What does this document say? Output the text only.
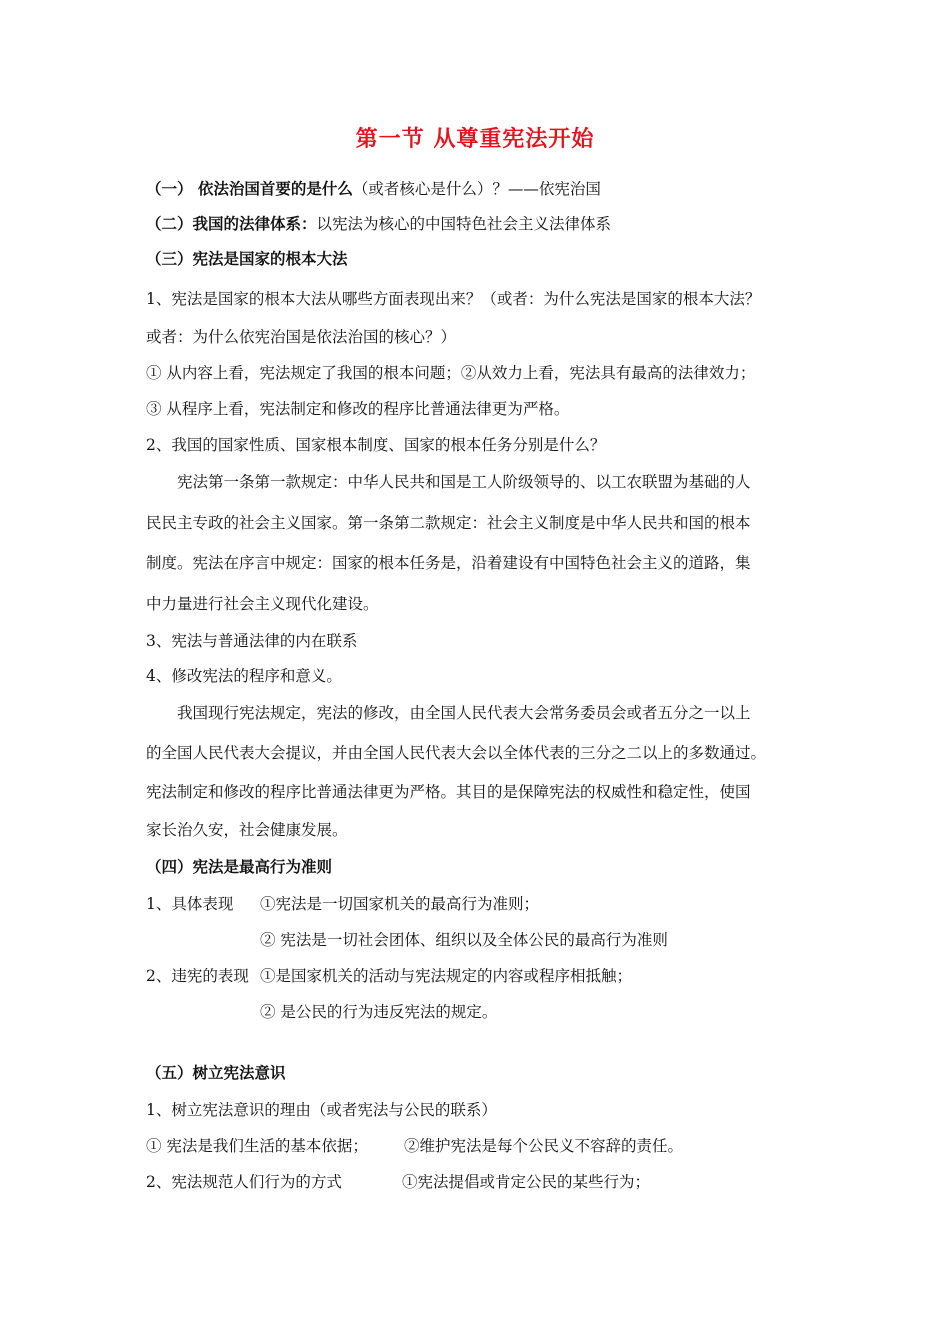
第一节 从尊重宪法开始
（一） 依法治国首要的是什么（或者核心是什么）？——依宪治国
（二）我国的法律体系：以宪法为核心的中国特色社会主义法律体系
（三）宪法是国家的根本大法
1、宪法是国家的根本大法从哪些方面表现出来？（或者：为什么宪法是国家的根本大法？
或者：为什么依宪治国是依法治国的核心？）
① 从内容上看，宪法规定了我国的根本问题；②从效力上看，宪法具有最高的法律效力；
③ 从程序上看，宪法制定和修改的程序比普通法律更为严格。
2、我国的国家性质、国家根本制度、国家的根本任务分别是什么？
宪法第一条第一款规定：中华人民共和国是工人阶级领导的、以工农联盟为基础的人
民民主专政的社会主义国家。第一条第二款规定：社会主义制度是中华人民共和国的根本
制度。宪法在序言中规定：国家的根本任务是，沿着建设有中国特色社会主义的道路，集
中力量进行社会主义现代化建设。
3、宪法与普通法律的内在联系
4、修改宪法的程序和意义。
我国现行宪法规定，宪法的修改，由全国人民代表大会常务委员会或者五分之一以上
的全国人民代表大会提议，并由全国人民代表大会以全体代表的三分之二以上的多数通过。
宪法制定和修改的程序比普通法律更为严格。其目的是保障宪法的权威性和稳定性，使国
家长治久安，社会健康发展。
（四）宪法是最高行为准则
1、具体表现 ①宪法是一切国家机关的最高行为准则；
② 宪法是一切社会团体、组织以及全体公民的最高行为准则
2、违宪的表现 ①是国家机关的活动与宪法规定的内容或程序相抵触；
② 是公民的行为违反宪法的规定。
（五）树立宪法意识
1、树立宪法意识的理由（或者宪法与公民的联系）
① 宪法是我们生活的基本依据； ②维护宪法是每个公民义不容辞的责任。
2、宪法规范人们行为的方式	①宪法提倡或肯定公民的某些行为；
